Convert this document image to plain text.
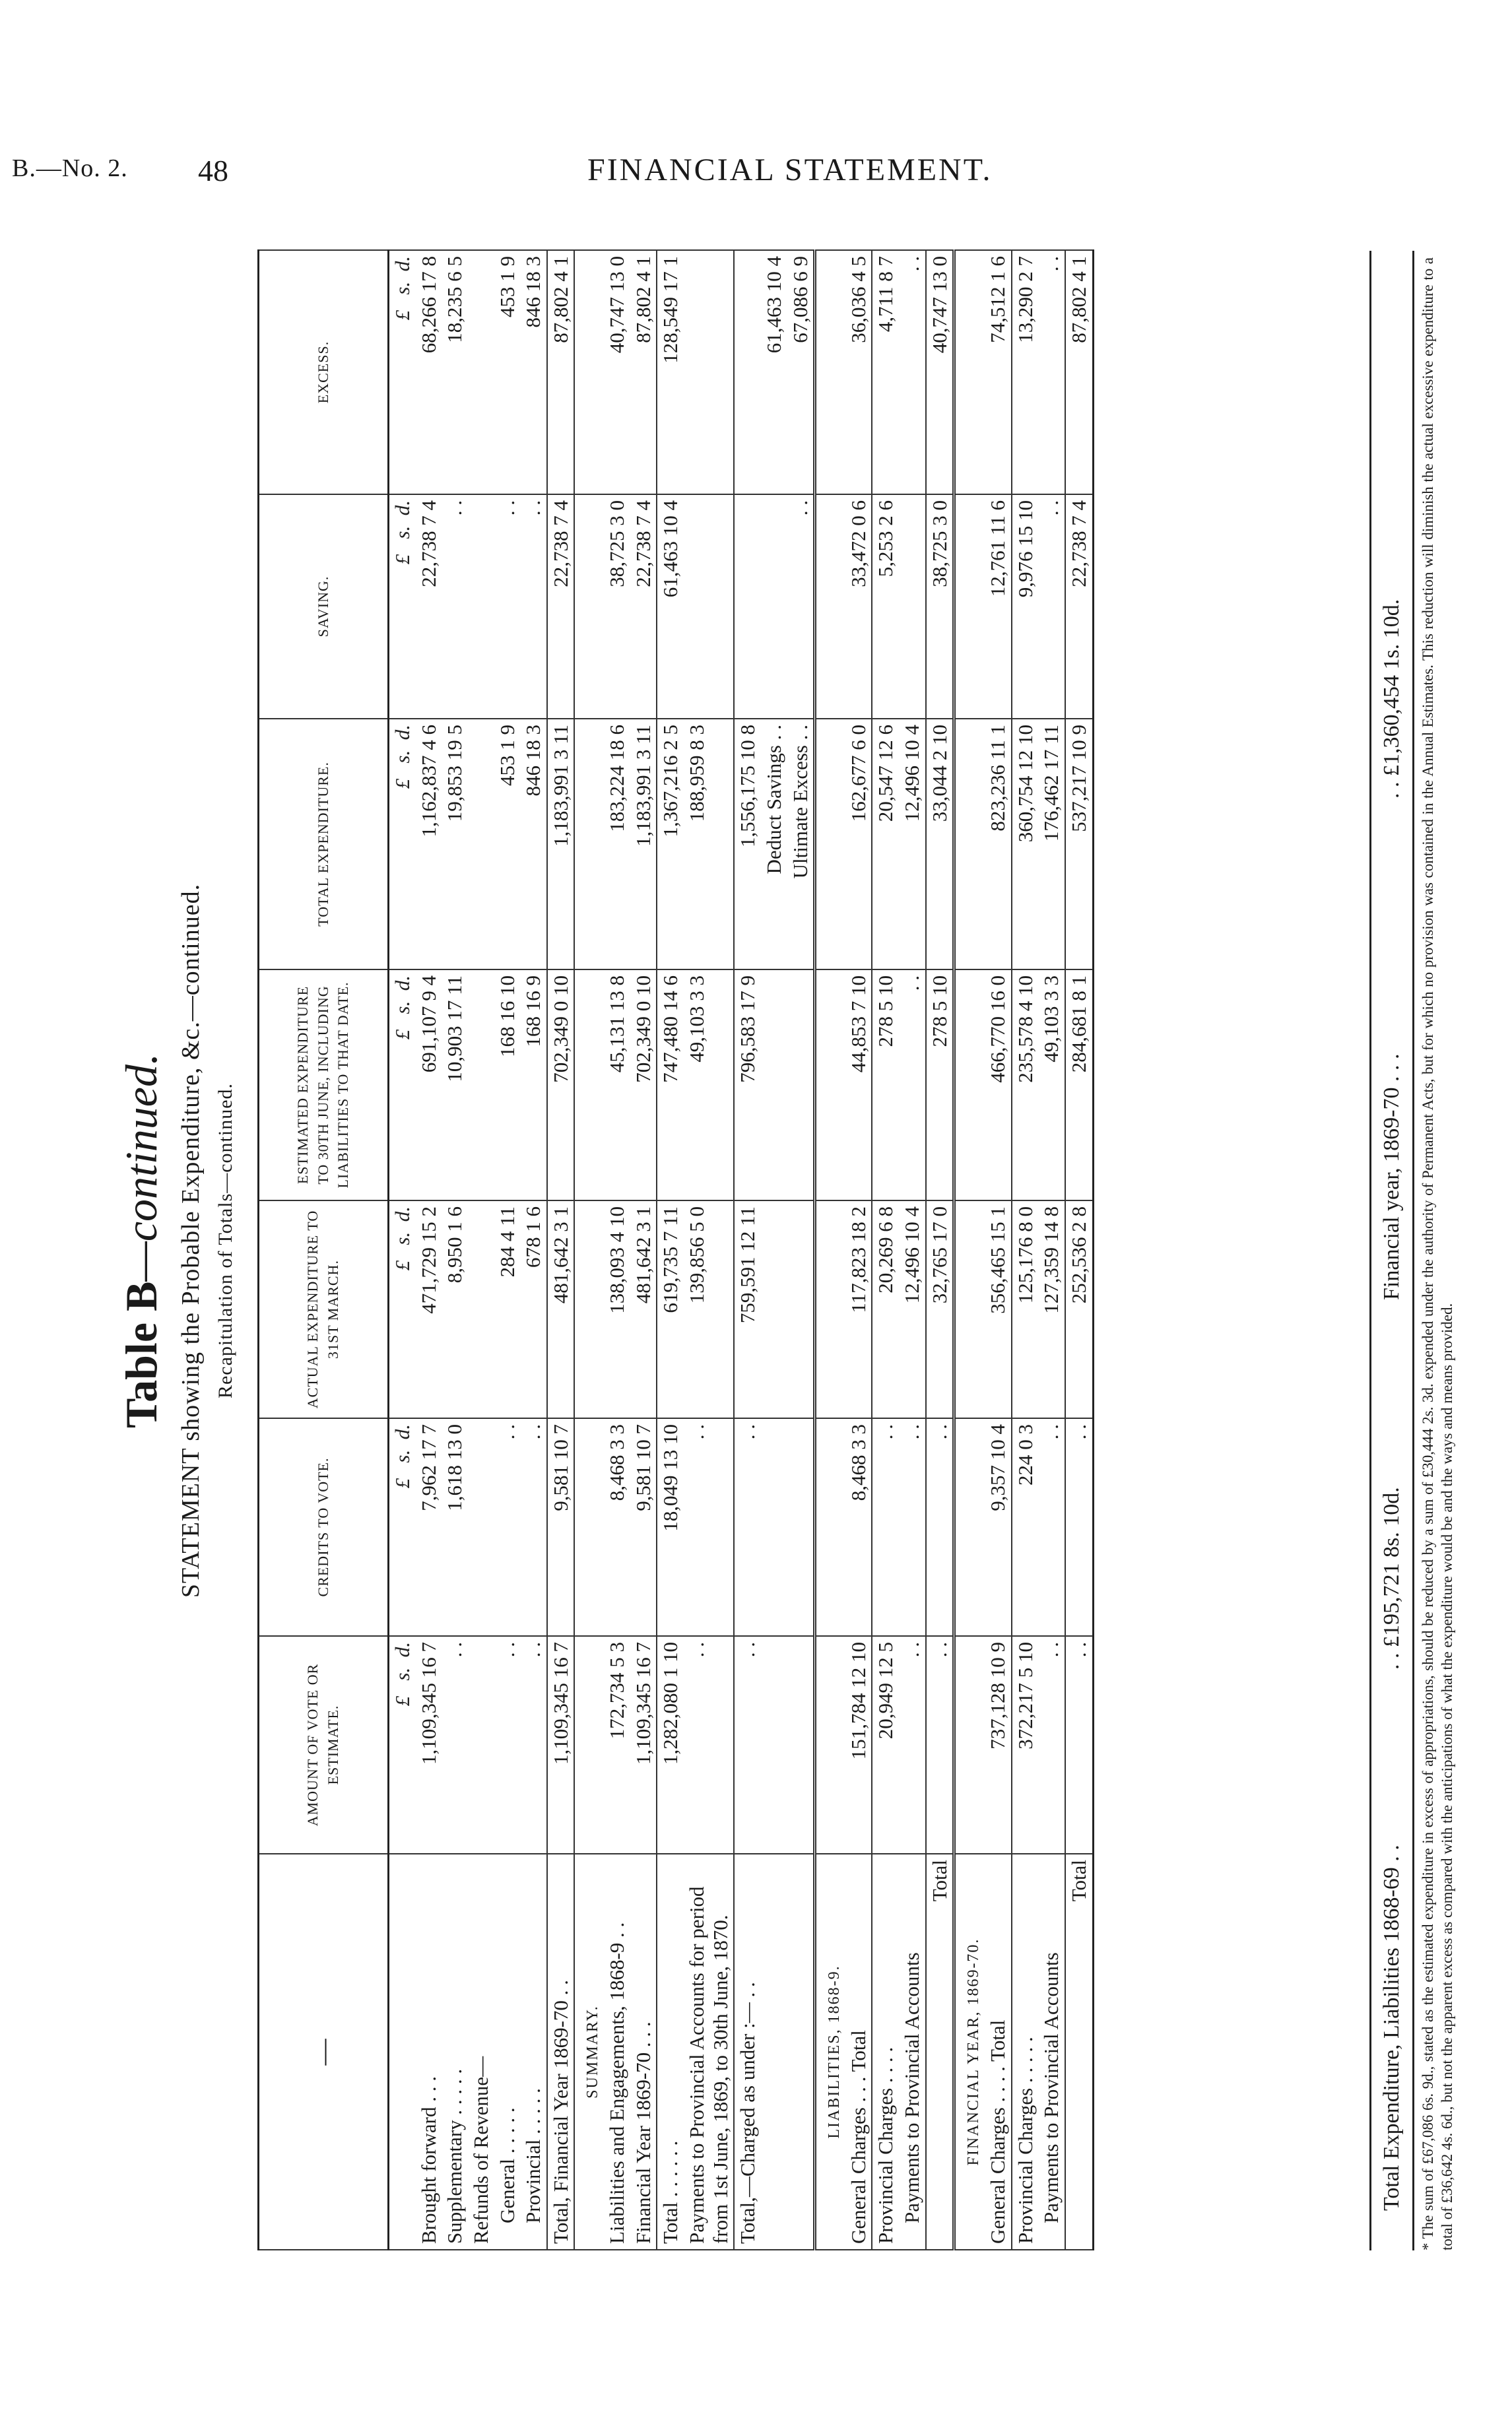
B.—No. 2. 48	FINANCIAL STATEMENT.
Table B—continued. STATEMENT showing the Probable Expenditure, &c.—continued. Recapitulation of Totals—continued.
—	AMOUNT OF VOTE OR ESTIMATE.	CREDITS TO VOTE.	ACTUAL EXPENDITURE TO 31ST MARCH.	ESTIMATED EXPENDITURE TO 30TH JUNE, INCLUDING LIABILITIES TO THAT DATE.	TOTAL EXPENDITURE.	SAVING.	EXCESS.
	£   s.  d.	£   s.  d.	£   s.  d.	£   s.  d.	£   s.  d.	£   s.  d.	£   s.  d.
Brought forward . . .	1,109,345 16 7	7,962 17 7	471,729 15 2	691,107 9 4	1,162,837 4 6	22,738 7 4	68,266 17 8
Supplementary . . . . .	. .	1,618 13 0	8,950 1 6	10,903 17 11	19,853 19 5	. .	18,235 6 5
Refunds of Revenue—							
General . . . . .	. .	. .	284 4 11	168 16 10	453 1 9	. .	453 1 9
Provincial . . . . .	. .	. .	678 1 6	168 16 9	846 18 3	. .	846 18 3
Total, Financial Year 1869-70 . .	1,109,345 16 7	9,581 10 7	481,642 3 1	702,349 0 10	1,183,991 3 11	22,738 7 4	87,802 4 1
SUMMARY.							
Liabilities and Engagements, 1868-9 . .	172,734 5 3	8,468 3 3	138,093 4 10	45,131 13 8	183,224 18 6	38,725 3 0	40,747 13 0
Financial Year 1869-70 . . .	1,109,345 16 7	9,581 10 7	481,642 3 1	702,349 0 10	1,183,991 3 11	22,738 7 4	87,802 4 1
Total . . . . . .	1,282,080 1 10	18,049 13 10	619,735 7 11	747,480 14 6	1,367,216 2 5	61,463 10 4	128,549 17 1
Payments to Provincial Accounts for period from 1st June, 1869, to 30th June, 1870.	. .	. .	139,856 5 0	49,103 3 3	188,959 8 3		
Total,—Charged as under :— . .	. .	. .	759,591 12 11	796,583 17 9	1,556,175 10 8		
					Deduct Savings . .		61,463 10 4
					Ultimate Excess . .	. .	67,086 6 9
LIABILITIES, 1868-9.							
General Charges . . . Total	151,784 12 10	8,468 3 3	117,823 18 2	44,853 7 10	162,677 6 0	33,472 0 6	36,036 4 5
Provincial Charges . . . .	20,949 12 5	. .	20,269 6 8	278 5 10	20,547 12 6	5,253 2 6	4,711 8 7
Payments to Provincial Accounts	. .	. .	12,496 10 4	. .	12,496 10 4		. .
Total	. .	. .	32,765 17 0	278 5 10	33,044 2 10	38,725 3 0	40,747 13 0
FINANCIAL YEAR, 1869-70.							
General Charges . . . . Total	737,128 10 9	9,357 10 4	356,465 15 1	466,770 16 0	823,236 11 1	12,761 11 6	74,512 1 6
Provincial Charges . . . . .	372,217 5 10	224 0 3	125,176 8 0	235,578 4 10	360,754 12 10	9,976 15 10	13,290 2 7
Payments to Provincial Accounts	. .	. .	127,359 14 8	49,103 3 3	176,462 17 11	. .	. .
Total	. .	. .	252,536 2 8	284,681 8 1	537,217 10 9	22,738 7 4	87,802 4 1
Total Expenditure, Liabilities 1868-69 . .
. . £195,721 8s. 10d.
Financial year, 1869-70 . . .
. . £1,360,454 1s. 10d. * The sum of £67,086 6s. 9d., stated as the estimated expenditure in excess of appropriations, should be reduced by a sum of £30,444 2s. 3d. expended under the authority of Permanent Acts, but for which no provision was contained in the Annual Estimates. This reduction will diminish the actual excessive expenditure to a total of £36,642 4s. 6d., but not the apparent excess as compared with the anticipations of what the expenditure would be and the ways and means provided.
